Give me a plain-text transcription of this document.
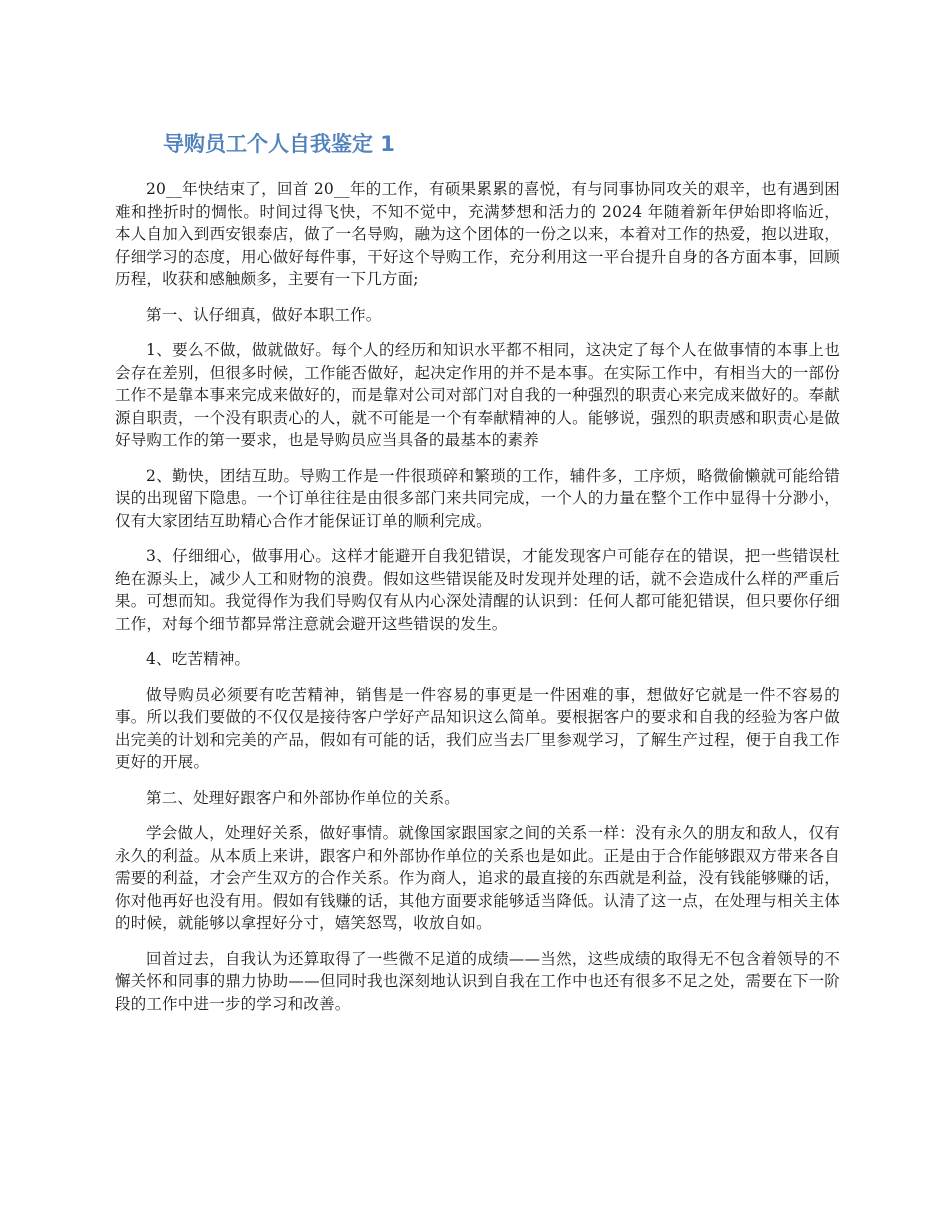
导购员工个人自我鉴定 1

20__年快结束了，回首 20__年的工作，有硕果累累的喜悦，有与同事协同攻关的艰辛，也有遇到困难和挫折时的惆怅。时间过得飞快，不知不觉中，充满梦想和活力的 2024 年随着新年伊始即将临近，本人自加入到西安银泰店，做了一名导购，融为这个团体的一份之以来，本着对工作的热爱，抱以进取，仔细学习的态度，用心做好每件事，干好这个导购工作，充分利用这一平台提升自身的各方面本事，回顾历程，收获和感触颇多，主要有一下几方面;

第一、认仔细真，做好本职工作。

1、要么不做，做就做好。每个人的经历和知识水平都不相同，这决定了每个人在做事情的本事上也会存在差别，但很多时候，工作能否做好，起决定作用的并不是本事。在实际工作中，有相当大的一部份工作不是靠本事来完成来做好的，而是靠对公司对部门对自我的一种强烈的职责心来完成来做好的。奉献源自职责，一个没有职责心的人，就不可能是一个有奉献精神的人。能够说，强烈的职责感和职责心是做好导购工作的第一要求，也是导购员应当具备的最基本的素养

2、勤快，团结互助。导购工作是一件很琐碎和繁琐的工作，辅件多，工序烦，略微偷懒就可能给错误的出现留下隐患。一个订单往往是由很多部门来共同完成，一个人的力量在整个工作中显得十分渺小，仅有大家团结互助精心合作才能保证订单的顺利完成。

3、仔细细心，做事用心。这样才能避开自我犯错误，才能发现客户可能存在的错误，把一些错误杜绝在源头上，减少人工和财物的浪费。假如这些错误能及时发现并处理的话，就不会造成什么样的严重后果。可想而知。我觉得作为我们导购仅有从内心深处清醒的认识到：任何人都可能犯错误，但只要你仔细工作，对每个细节都异常注意就会避开这些错误的发生。

4、吃苦精神。

做导购员必须要有吃苦精神，销售是一件容易的事更是一件困难的事，想做好它就是一件不容易的事。所以我们要做的不仅仅是接待客户学好产品知识这么简单。要根据客户的要求和自我的经验为客户做出完美的计划和完美的产品，假如有可能的话，我们应当去厂里参观学习，了解生产过程，便于自我工作更好的开展。

第二、处理好跟客户和外部协作单位的关系。

学会做人，处理好关系，做好事情。就像国家跟国家之间的关系一样：没有永久的朋友和敌人，仅有永久的利益。从本质上来讲，跟客户和外部协作单位的关系也是如此。正是由于合作能够跟双方带来各自需要的利益，才会产生双方的合作关系。作为商人，追求的最直接的东西就是利益，没有钱能够赚的话，你对他再好也没有用。假如有钱赚的话，其他方面要求能够适当降低。认清了这一点，在处理与相关主体的时候，就能够以拿捏好分寸，嬉笑怒骂，收放自如。

回首过去，自我认为还算取得了一些微不足道的成绩——当然，这些成绩的取得无不包含着领导的不懈关怀和同事的鼎力协助——但同时我也深刻地认识到自我在工作中也还有很多不足之处，需要在下一阶段的工作中进一步的学习和改善。
